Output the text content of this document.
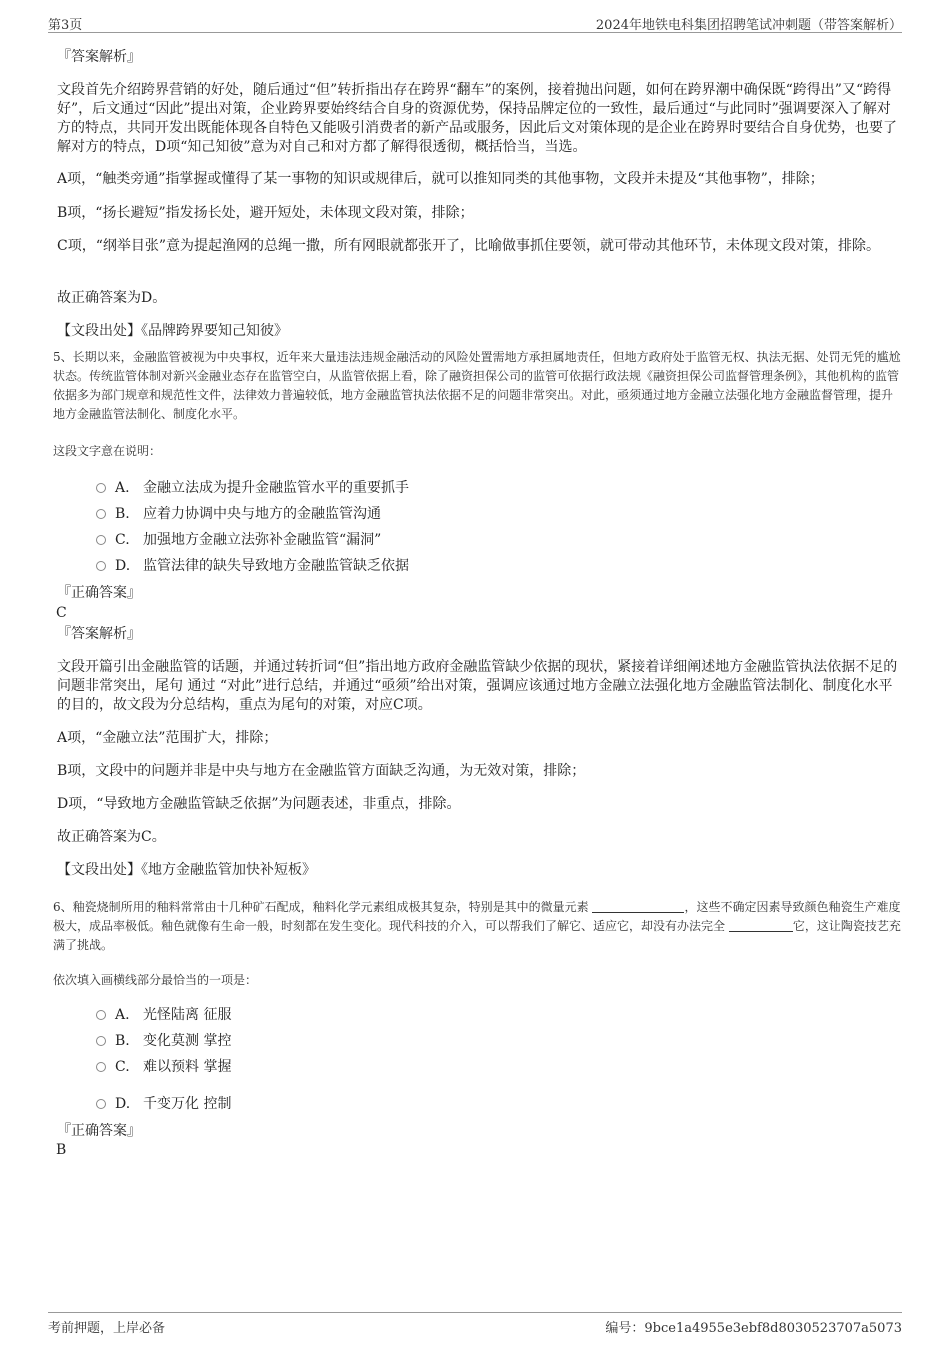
第3页	2024年地铁电科集团招聘笔试冲刺题（带答案解析）
『答案解析』
文段首先介绍跨界营销的好处，随后通过“但”转折指出存在跨界“翻车”的案例，接着抛出问题，如何在跨界潮中确保既“跨得出”又“跨得好”，后文通过“因此”提出对策，企业跨界要始终结合自身的资源优势，保持品牌定位的一致性，最后通过“与此同时”强调要深入了解对方的特点，共同开发出既能体现各自特色又能吸引消费者的新产品或服务，因此后文对策体现的是企业在跨界时要结合自身优势，也要了解对方的特点，D项“知己知彼”意为对自己和对方都了解得很透彻，概括恰当，当选。
A项，“触类旁通”指掌握或懂得了某一事物的知识或规律后，就可以推知同类的其他事物，文段并未提及“其他事物”，排除；
B项，“扬长避短”指发扬长处，避开短处，未体现文段对策，排除；
C项，“纲举目张”意为提起渔网的总绳一撒，所有网眼就都张开了，比喻做事抓住要领，就可带动其他环节，未体现文段对策，排除。
故正确答案为D。
【文段出处】《品牌跨界要知己知彼》
5、长期以来，金融监管被视为中央事权，近年来大量违法违规金融活动的风险处置需地方承担属地责任，但地方政府处于监管无权、执法无据、处罚无凭的尴尬状态。传统监管体制对新兴金融业态存在监管空白，从监管依据上看，除了融资担保公司的监管可依据行政法规《融资担保公司监督管理条例》，其他机构的监管依据多为部门规章和规范性文件，法律效力普遍较低，地方金融监管执法依据不足的问题非常突出。对此，亟须通过地方金融立法强化地方金融监督管理，提升地方金融监管法制化、制度化水平。
这段文字意在说明：
A. 金融立法成为提升金融监管水平的重要抓手
B. 应着力协调中央与地方的金融监管沟通
C. 加强地方金融立法弥补金融监管“漏洞”
D. 监管法律的缺失导致地方金融监管缺乏依据
『正确答案』
C
『答案解析』
文段开篇引出金融监管的话题，并通过转折词“但”指出地方政府金融监管缺少依据的现状，紧接着详细阐述地方金融监管执法依据不足的问题非常突出，尾句 通过 “对此”进行总结，并通过“亟须”给出对策，强调应该通过地方金融立法强化地方金融监管法制化、制度化水平的目的，故文段为分总结构，重点为尾句的对策，对应C项。
A项，“金融立法”范围扩大，排除；
B项，文段中的问题并非是中央与地方在金融监管方面缺乏沟通，为无效对策，排除；
D项，“导致地方金融监管缺乏依据”为问题表述，非重点，排除。
故正确答案为C。
【文段出处】《地方金融监管加快补短板》
6、釉瓷烧制所用的釉料常常由十几种矿石配成，釉料化学元素组成极其复杂，特别是其中的微量元素	，这些不确定因素导致颜色釉瓷生产难度极大，成品率极低。釉色就像有生命一般，时刻都在发生变化。现代科技的介入，可以帮我们了解它、适应它，却没有办法完全	它，这让陶瓷技艺充满了挑战。
依次填入画横线部分最恰当的一项是：
A. 光怪陆离 征服
B. 变化莫测 掌控
C. 难以预料 掌握
D. 千变万化 控制
『正确答案』
B
考前押题，上岸必备	编号：9bce1a4955e3ebf8d8030523707a5073
